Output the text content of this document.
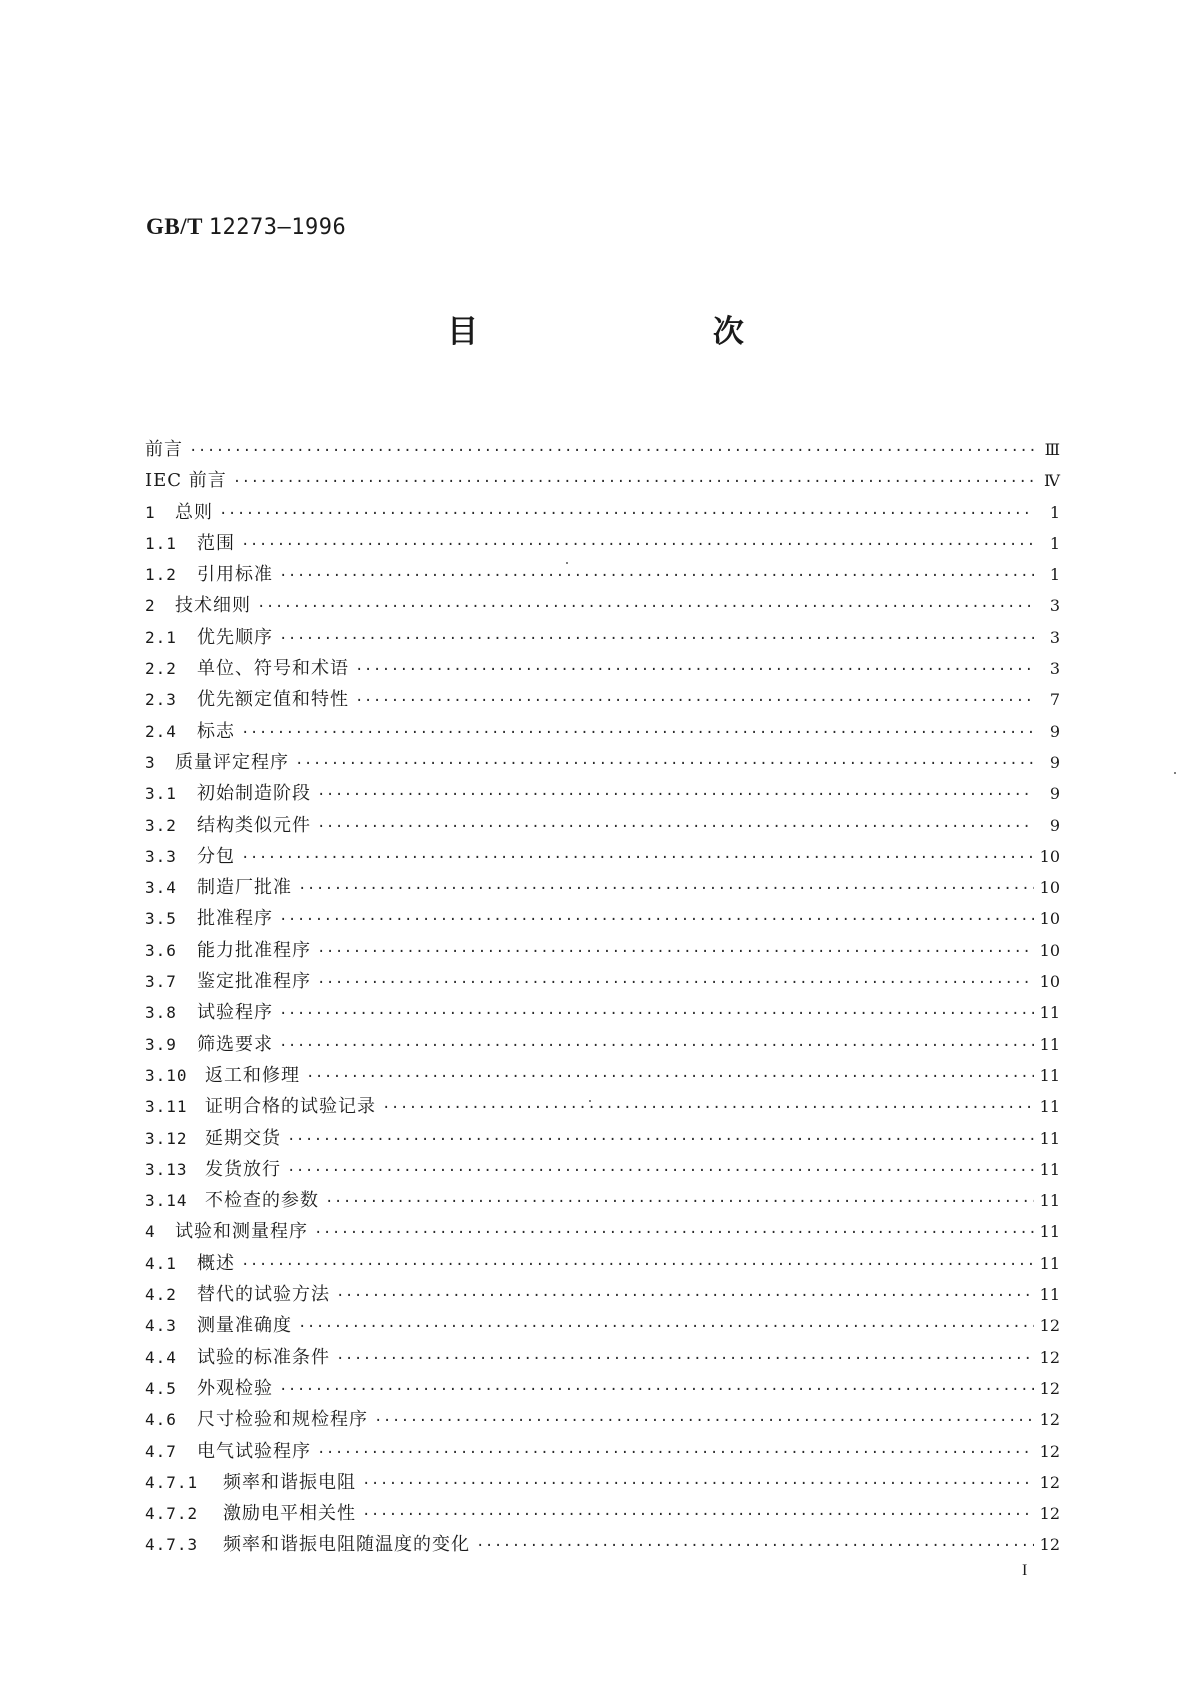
GB/T 12273—1996
目 次
前言 ·····	Ⅲ
IEC 前言 ·····	Ⅳ
1	总则 ·····	1
1.1	范围 ·····	1
1.2	引用标准 ·····	1
2	技术细则 ·····	3
2.1	优先顺序 ·····	3
2.2	单位、符号和术语 ·····	3
2.3	优先额定值和特性 ·····	7
2.4	标志 ·····	9
3	质量评定程序 ·····	9
3.1	初始制造阶段 ·····	9
3.2	结构类似元件 ·····	9
3.3	分包 ·····	10
3.4	制造厂批准 ·····	10
3.5	批准程序 ·····	10
3.6	能力批准程序 ·····	10
3.7	鉴定批准程序 ·····	10
3.8	试验程序 ·····	11
3.9	筛选要求 ·····	11
3.10 返工和修理 ·····	11
3.11 证明合格的试验记录 ·····	11
3.12 延期交货 ·····	11
3.13 发货放行 ·····	11
3.14 不检查的参数 ·····	11
4	试验和测量程序 ·····	11
4.1	概述 ·····	11
4.2	替代的试验方法 ·····	11
4.3	测量准确度 ·····	12
4.4	试验的标准条件 ·····	12
4.5	外观检验 ·····	12
4.6	尺寸检验和规检程序 ·····	12
4.7	电气试验程序 ·····	12
4.7.1	频率和谐振电阻 ·····	12
4.7.2	激励电平相关性 ·····	12
4.7.3	频率和谐振电阻随温度的变化 ·····	12
I
